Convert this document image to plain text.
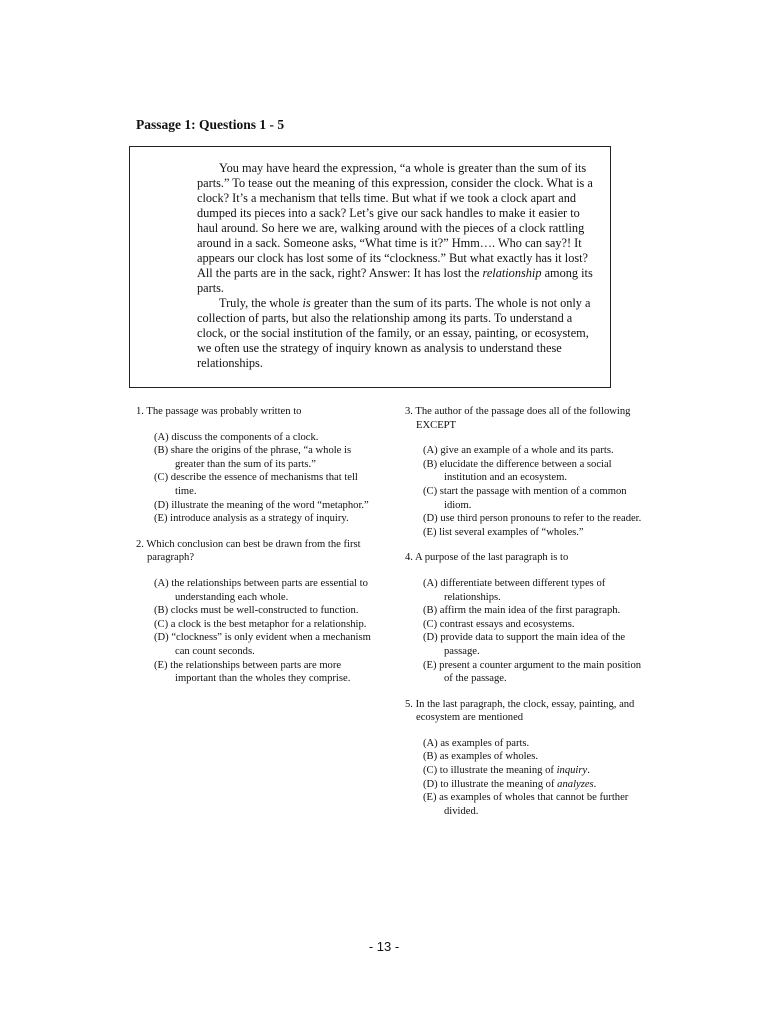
Passage 1: Questions 1 - 5

You may have heard the expression, “a whole is greater than the sum of its parts.” To tease out the meaning of this expression, consider the clock. What is a clock? It’s a mechanism that tells time. But what if we took a clock apart and dumped its pieces into a sack? Let’s give our sack handles to make it easier to haul around. So here we are, walking around with the pieces of a clock rattling around in a sack. Someone asks, “What time is it?” Hmm…. Who can say?! It appears our clock has lost some of its “clockness.” But what exactly has it lost? All the parts are in the sack, right? Answer: It has lost the relationship among its parts.

Truly, the whole is greater than the sum of its parts. The whole is not only a collection of parts, but also the relationship among its parts. To understand a clock, or the social institution of the family, or an essay, painting, or ecosystem, we often use the strategy of inquiry known as analysis to understand these relationships.

1. The passage was probably written to
(A) discuss the components of a clock.
(B) share the origins of the phrase, “a whole is greater than the sum of its parts.”
(C) describe the essence of mechanisms that tell time.
(D) illustrate the meaning of the word “metaphor.”
(E) introduce analysis as a strategy of inquiry.
2. Which conclusion can best be drawn from the first paragraph?
(A) the relationships between parts are essential to understanding each whole.
(B) clocks must be well-constructed to function.
(C) a clock is the best metaphor for a relationship.
(D) “clockness” is only evident when a mechanism can count seconds.
(E) the relationships between parts are more important than the wholes they comprise.
3. The author of the passage does all of the following EXCEPT
(A) give an example of a whole and its parts.
(B) elucidate the difference between a social institution and an ecosystem.
(C) start the passage with mention of a common idiom.
(D) use third person pronouns to refer to the reader.
(E) list several examples of “wholes.”
4. A purpose of the last paragraph is to
(A) differentiate between different types of relationships.
(B) affirm the main idea of the first paragraph.
(C) contrast essays and ecosystems.
(D) provide data to support the main idea of the passage.
(E) present a counter argument to the main position of the passage.
5. In the last paragraph, the clock, essay, painting, and ecosystem are mentioned
(A) as examples of parts.
(B) as examples of wholes.
(C) to illustrate the meaning of inquiry.
(D) to illustrate the meaning of analyzes.
(E) as examples of wholes that cannot be further divided.
- 13 -
